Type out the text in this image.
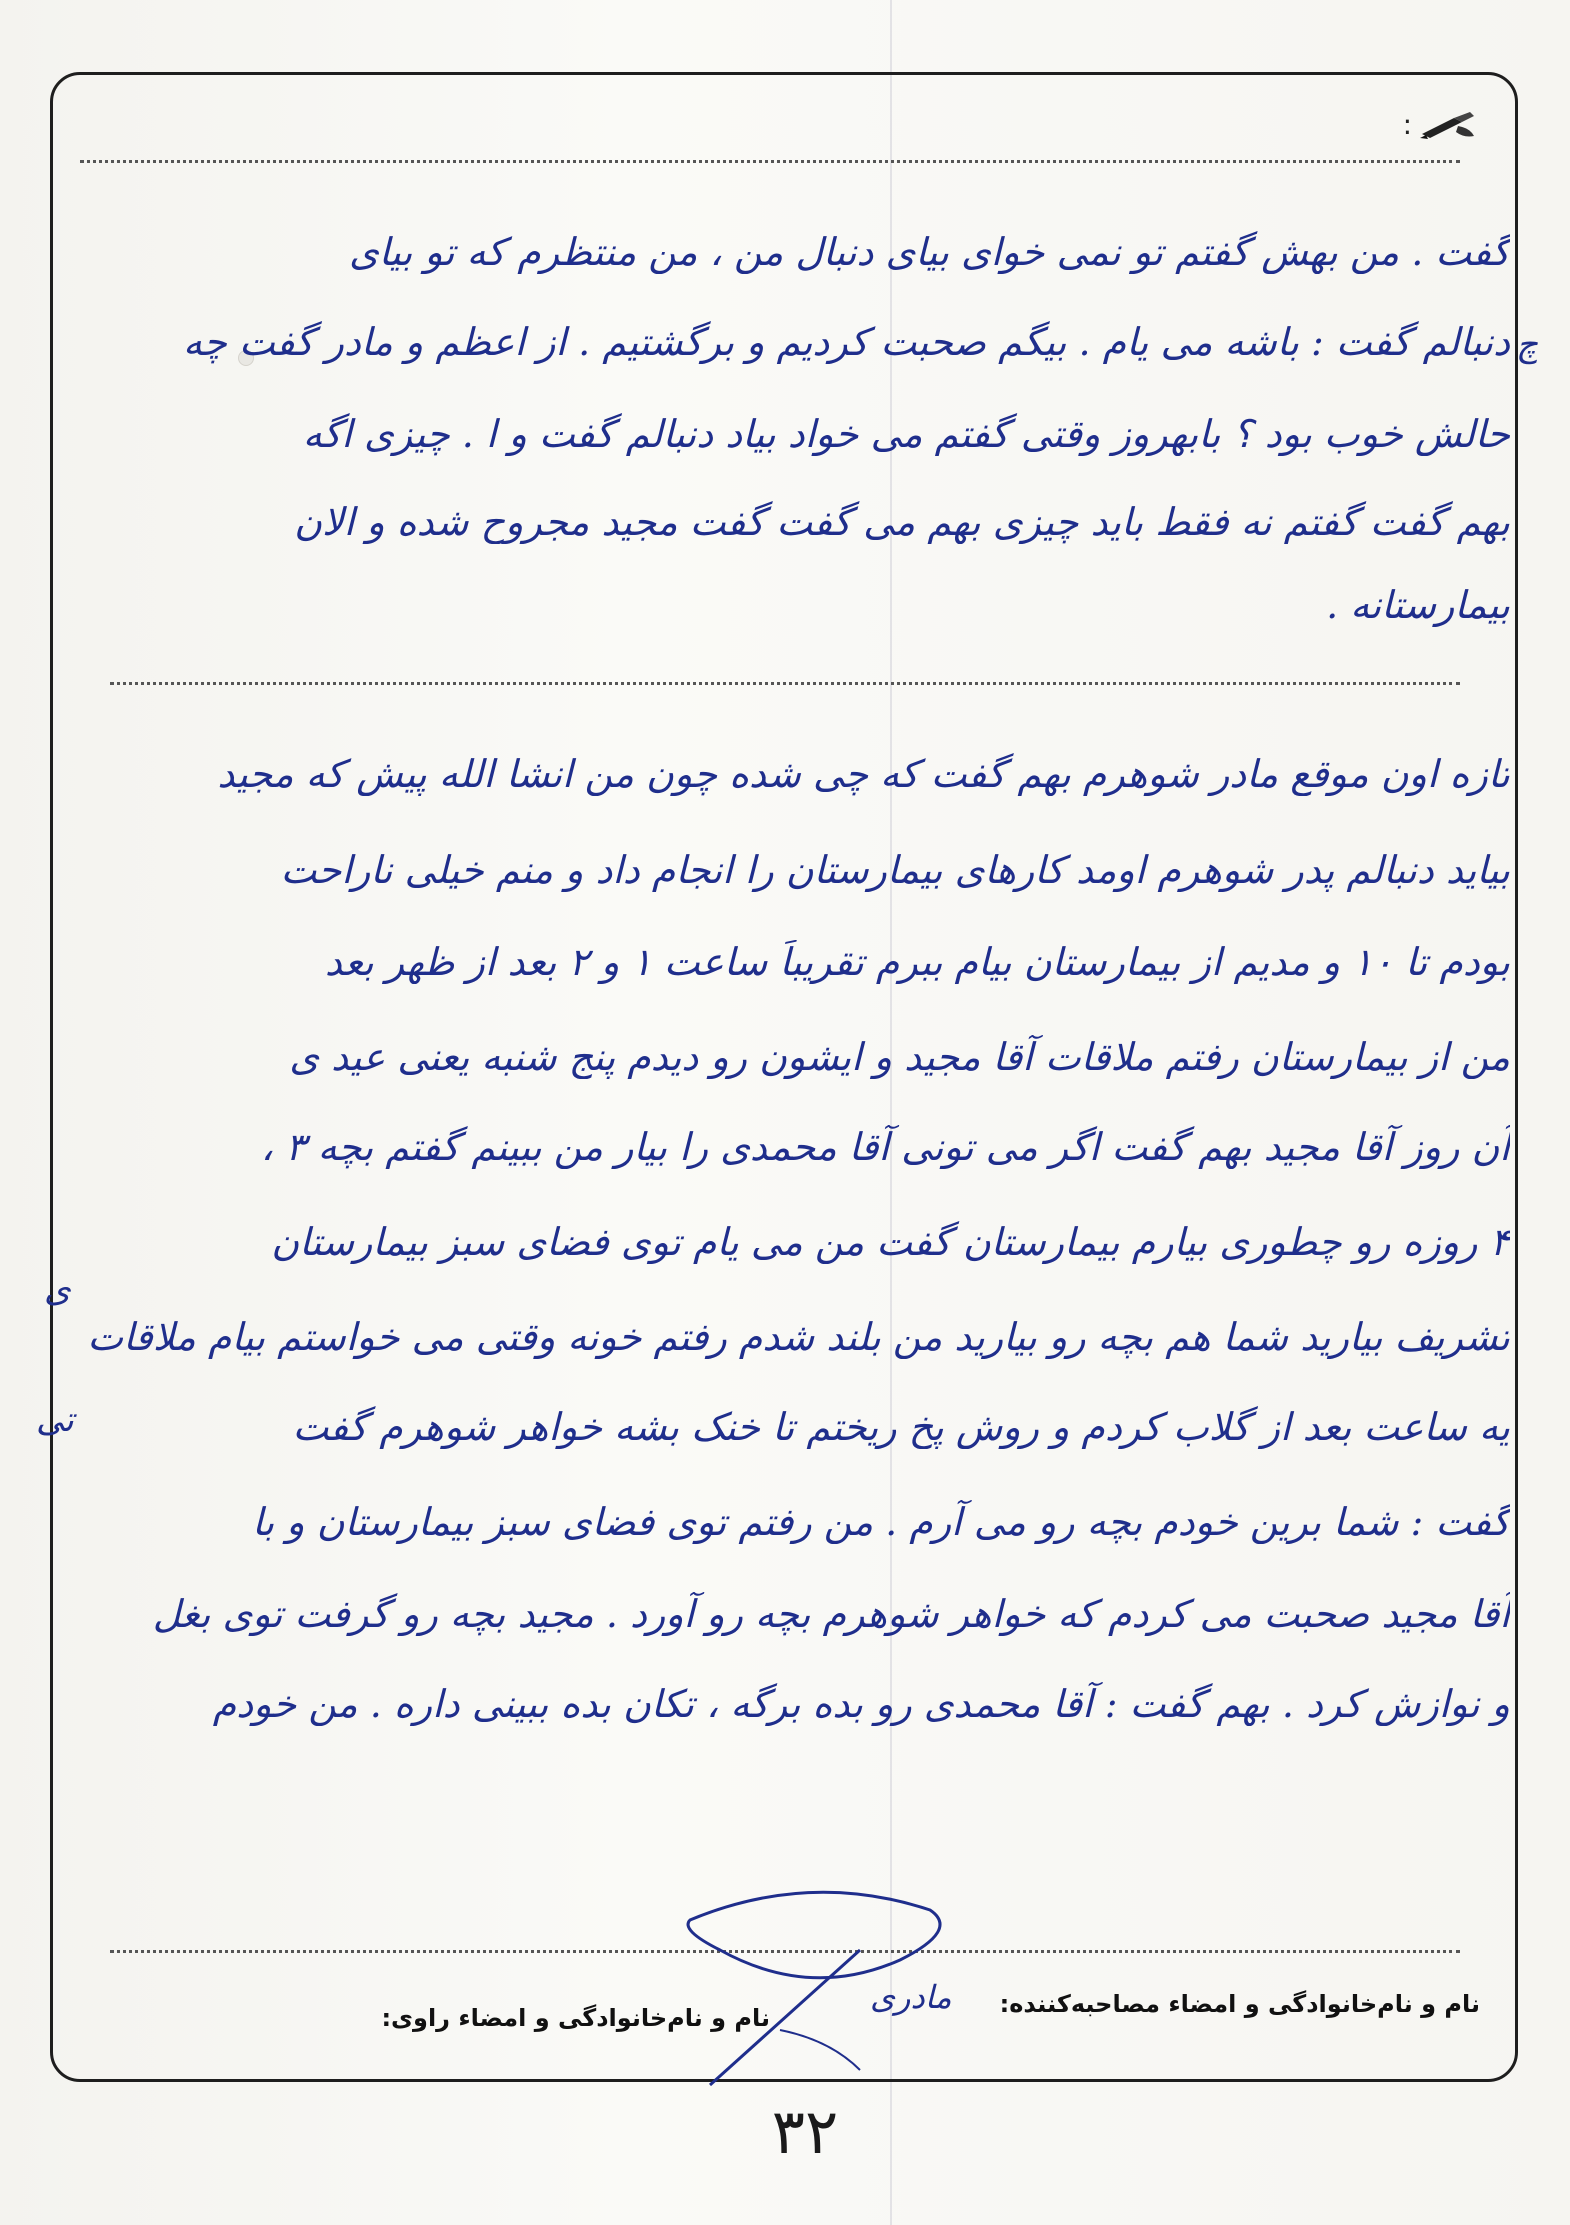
:
گفت . من بهش گفتم تو نمی خوای بیای دنبال من ، من منتظرم که تو بیای
دنبالم گفت : باشه می یام . بیگم صحبت کردیم و برگشتیم . از اعظم و مادر گفت چه
حالش خوب بود ؟ بابهروز وقتی گفتم می خواد بیاد دنبالم گفت و ا . چیزی اگه
بهم گفت گفتم نه فقط باید چیزی بهم می گفت گفت مجید مجروح شده و الان
بیمارستانه .
تازه اون موقع مادر شوهرم بهم گفت که چی شده چون من انشا الله پیش که مجید
بیاید دنبالم پدر شوهرم اومد کارهای بیمارستان را انجام داد و منم خیلی ناراحت
بودم تا ۱۰ و مدیم از بیمارستان بیام ببرم تقریباً ساعت ۱ و ۲ بعد از ظهر بعد
من از بیمارستان رفتم ملاقات آقا مجید و ایشون رو دیدم پنج شنبه یعنی عید ی
آن روز آقا مجید بهم گفت اگر می تونی آقا محمدی را بیار من ببینم گفتم بچه ۳ ،
۴ روزه رو چطوری بیارم بیمارستان گفت من می یام توی فضای سبز بیمارستان
تشریف بیارید شما هم بچه رو بیارید من بلند شدم رفتم خونه وقتی می خواستم بیام ملاقات
یه ساعت بعد از گلاب کردم و روش پخ ریختم تا خنک بشه خواهر شوهرم گفت
گفت : شما برین خودم بچه رو می آرم . من رفتم توی فضای سبز بیمارستان و با
آقا مجید صحبت می کردم که خواهر شوهرم بچه رو آورد . مجید بچه رو گرفت توی بغل
و نوازش کرد . بهم گفت : آقا محمدی رو بده برگه ، تکان بده ببینی داره . من خودم
چ
تی
ی
نام و نام‌خانوادگی و امضاء مصاحبه‌کننده:
مادری
نام و نام‌خانوادگی و امضاء راوی:
۳۲
